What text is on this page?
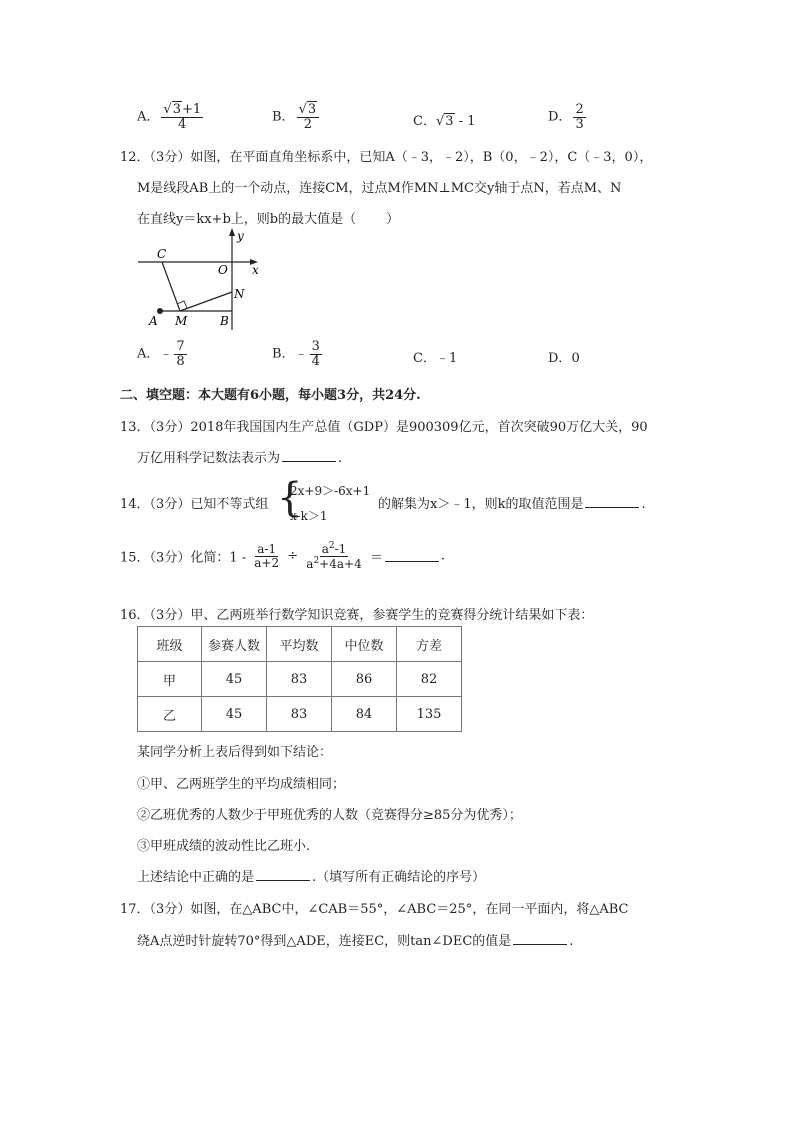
A． $\frac{√3+1}{4}$	B． $\frac{√3}{2}$	C．√3 - 1	D． $\frac{2}{3}$
12．（3分）如图，在平面直角坐标系中，已知A（﹣3，﹣2），B（0，﹣2），C（﹣3，0），
M是线段AB上的一个动点，连接CM，过点M作MN⊥MC交y轴于点N，若点M、N
在直线y＝kx+b上，则b的最大值是（ ）
y
x
C
O
N
A M	B
A．﹣ $\frac{7}{8}$	B．﹣ $\frac{3}{4}$	C．﹣1	D．0
二、填空题：本大题有6小题，每小题3分，共24分.
13．（3分）2018年我国国内生产总值（GDP）是900309亿元，首次突破90万亿大关，90
万亿用科学记数法表示为	.
14．（3分）已知不等式组 {
2x+9＞-6x+1
x-k＞1
的解集为x＞﹣1，则k的取值范围是	.
15．（3分）化简：$1 - \frac{a-1}{a+2} \div \frac{a^2-1}{a^2+4a+4}$ ＝	.
16．（3分）甲、乙两班举行数学知识竞赛，参赛学生的竞赛得分统计结果如下表：
班级	参赛人数	平均数	中位数	方差
甲	45	83	86	82
乙	45	83	84	135
某同学分析上表后得到如下结论：
①甲、乙两班学生的平均成绩相同；
②乙班优秀的人数少于甲班优秀的人数（竞赛得分≥85分为优秀）；
③甲班成绩的波动性比乙班小.
上述结论中正确的是	.（填写所有正确结论的序号）
17．（3分）如图，在△ABC中，∠CAB＝55°，∠ABC＝25°，在同一平面内，将△ABC
绕A点逆时针旋转70°得到△ADE，连接EC，则tan∠DEC的值是	.
